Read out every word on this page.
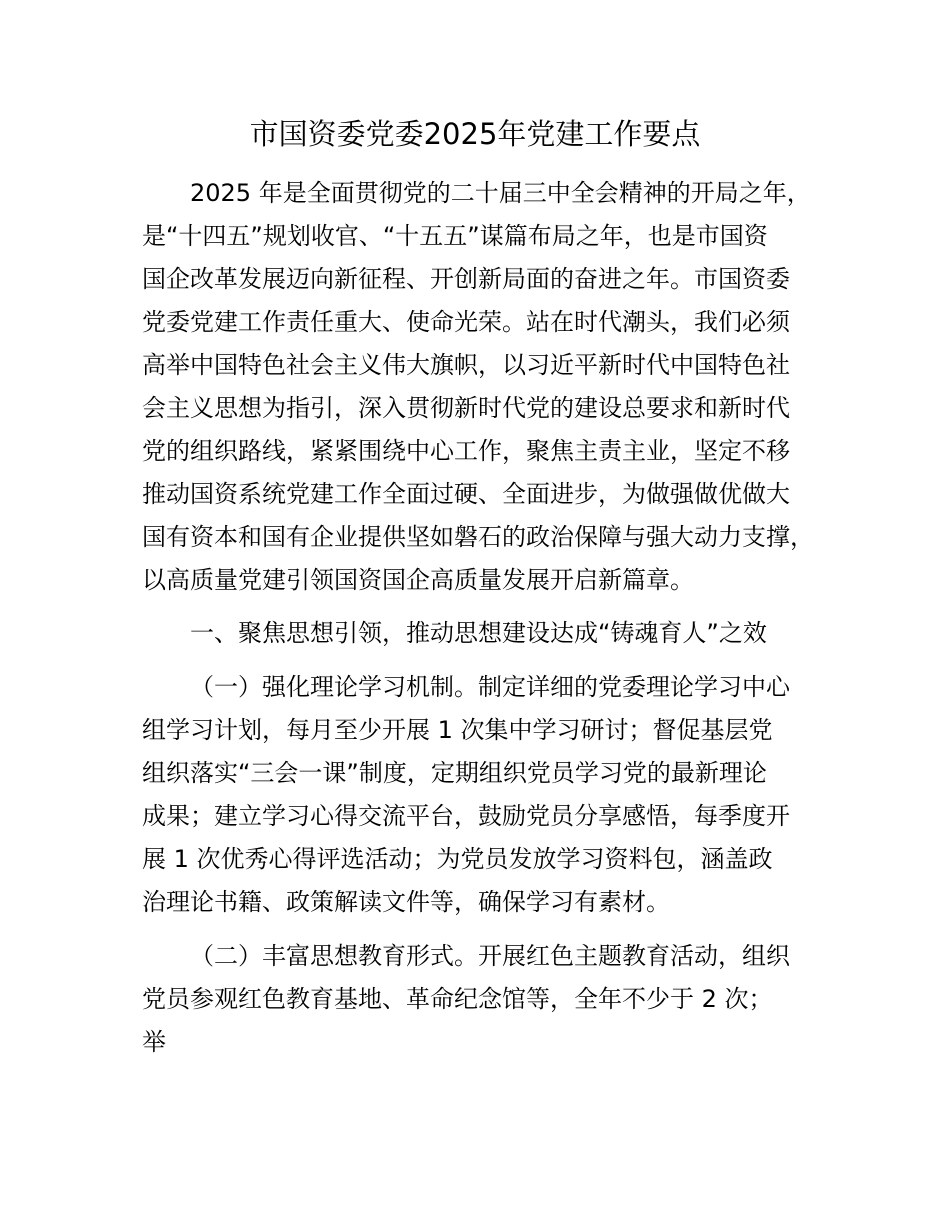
市国资委党委2025年党建工作要点
2025 年是全面贯彻党的二十届三中全会精神的开局之年，
是“十四五”规划收官、“十五五”谋篇布局之年，也是市国资
国企改革发展迈向新征程、开创新局面的奋进之年。市国资委
党委党建工作责任重大、使命光荣。站在时代潮头，我们必须
高举中国特色社会主义伟大旗帜，以习近平新时代中国特色社
会主义思想为指引，深入贯彻新时代党的建设总要求和新时代
党的组织路线，紧紧围绕中心工作，聚焦主责主业，坚定不移
推动国资系统党建工作全面过硬、全面进步，为做强做优做大
国有资本和国有企业提供坚如磐石的政治保障与强大动力支撑，
以高质量党建引领国资国企高质量发展开启新篇章。
一、聚焦思想引领，推动思想建设达成“铸魂育人”之效
（一）强化理论学习机制。制定详细的党委理论学习中心
组学习计划，每月至少开展 1 次集中学习研讨；督促基层党
组织落实“三会一课”制度，定期组织党员学习党的最新理论
成果；建立学习心得交流平台，鼓励党员分享感悟，每季度开
展 1 次优秀心得评选活动；为党员发放学习资料包，涵盖政
治理论书籍、政策解读文件等，确保学习有素材。
（二）丰富思想教育形式。开展红色主题教育活动，组织
党员参观红色教育基地、革命纪念馆等，全年不少于 2 次；
举
